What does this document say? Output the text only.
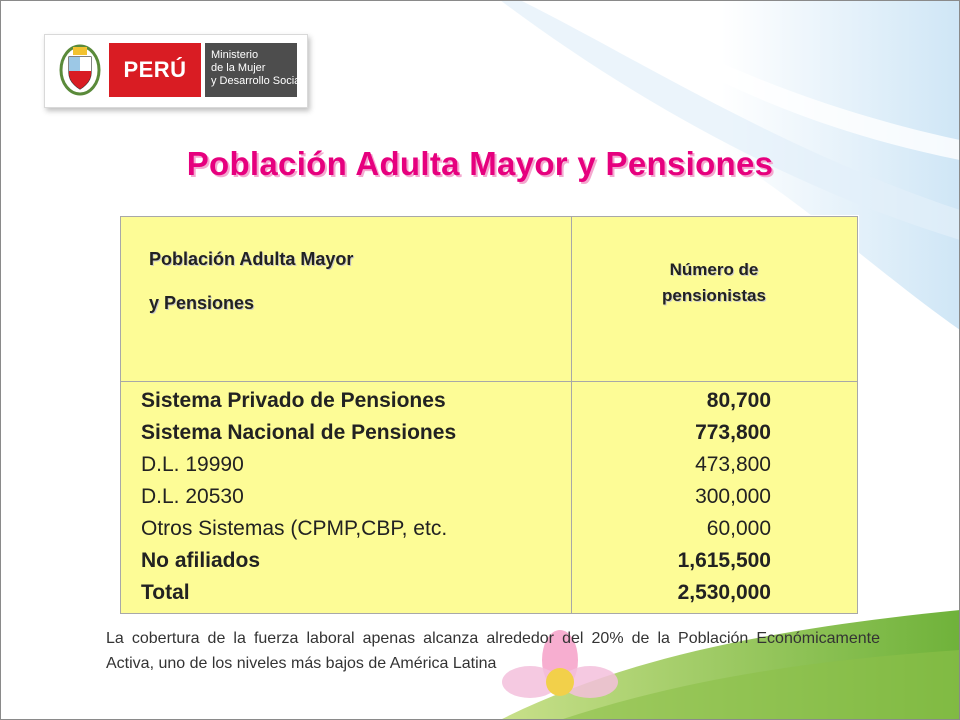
PERÚ
Ministerio
de la Mujer
y Desarrollo Social
Población Adulta Mayor y Pensiones
Población Adulta Mayor
y Pensiones
Número de
pensionistas
Sistema Privado de Pensiones
Sistema Nacional de Pensiones
D.L. 19990
D.L. 20530
Otros Sistemas (CPMP,CBP, etc.
No afiliados
Total
80,700
773,800
473,800
300,000
60,000
1,615,500
2,530,000
La cobertura de la fuerza laboral apenas alcanza alrededor del 20% de la Población Económicamente Activa, uno de los niveles más bajos de América Latina
